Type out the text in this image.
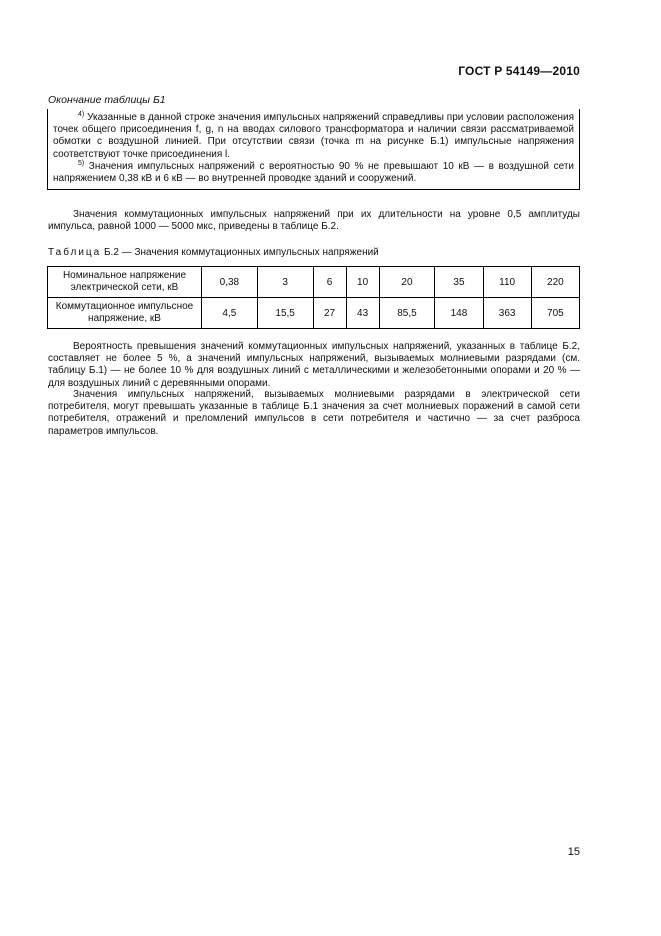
ГОСТ Р 54149—2010
Окончание таблицы Б1

$^{4)}$ Указанные в данной строке значения импульсных напряжений справедливы при условии расположения точек общего присоединения f, g, n на вводах силового трансформатора и наличии связи рассматриваемой обмотки с воздушной линией. При отсутствии связи (точка m на рисунке Б.1) импульсные напряжения соответствуют точке присоединения l.

$^{5)}$ Значения импульсных напряжений с вероятностью 90 % не превышают 10 кВ — в воздушной сети напряжением 0,38 кВ и 6 кВ — во внутренней проводке зданий и сооружений.

Значения коммутационных импульсных напряжений при их длительности на уровне 0,5 амплитуды импульса, равной 1000 — 5000 мкс, приведены в таблице Б.2.

Таблица Б.2 — Значения коммутационных импульсных напряжений
Номинальное напряжение электрической сети, кВ	0,38	3	6	10	20	35	110	220
Коммутационное импульсное напряжение, кВ	4,5	15,5	27	43	85,5	148	363	705

Вероятность превышения значений коммутационных импульсных напряжений, указанных в таблице Б.2, составляет не более 5 %, а значений импульсных напряжений, вызываемых молниевыми разрядами (см. таблицу Б.1) — не более 10 % для воздушных линий с металлическими и железобетонными опорами и 20 % — для воздушных линий с деревянными опорами.

Значения импульсных напряжений, вызываемых молниевыми разрядами в электрической сети потребителя, могут превышать указанные в таблице Б.1 значения за счет молниевых поражений в самой сети потребителя, отражений и преломлений импульсов в сети потребителя и частично — за счет разброса параметров импульсов.

15
